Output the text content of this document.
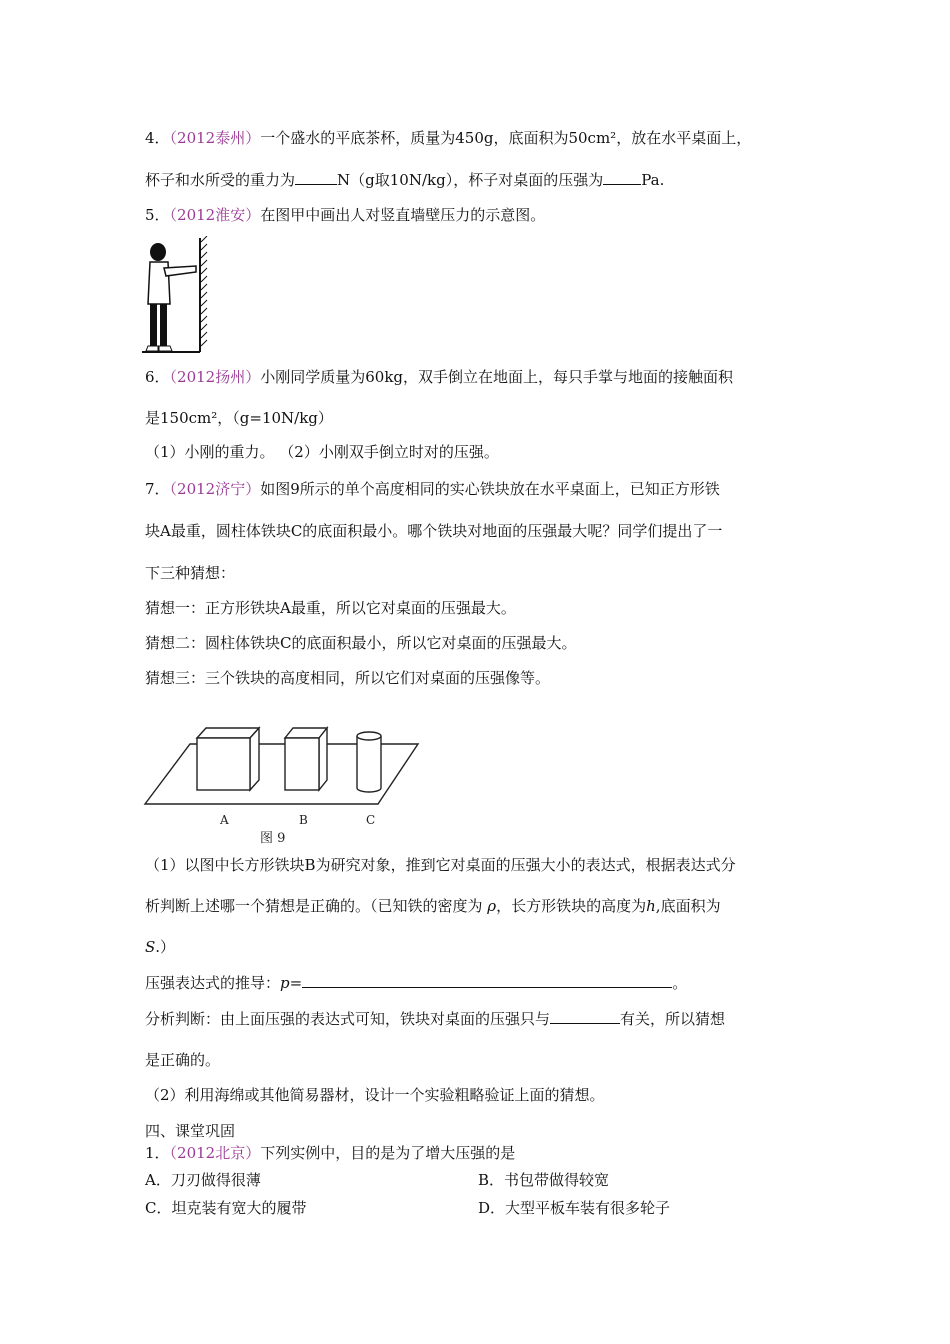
4．（2012泰州）一个盛水的平底茶杯，质量为450g，底面积为50cm²，放在水平桌面上，
杯子和水所受的重力为	N（g取10N/kg），杯子对桌面的压强为	Pa.
5．（2012淮安）在图甲中画出人对竖直墙壁压力的示意图。
6．（2012扬州）小刚同学质量为60kg，双手倒立在地面上，每只手掌与地面的接触面积
是150cm²，（g=10N/kg）
（1）小刚的重力。 （2）小刚双手倒立时对的压强。
7．（2012济宁）如图9所示的单个高度相同的实心铁块放在水平桌面上，已知正方形铁
块A最重，圆柱体铁块C的底面积最小。哪个铁块对地面的压强最大呢？同学们提出了一
下三种猜想：
猜想一：正方形铁块A最重，所以它对桌面的压强最大。
猜想二：圆柱体铁块C的底面积最小，所以它对桌面的压强最大。
猜想三：三个铁块的高度相同，所以它们对桌面的压强像等。
A	B	C
图 9
（1）以图中长方形铁块B为研究对象，推到它对桌面的压强大小的表达式，根据表达式分
析判断上述哪一个猜想是正确的。（已知铁的密度为 ρ，长方形铁块的高度为h,底面积为
S.）
压强表达式的推导：p=	。
分析判断：由上面压强的表达式可知，铁块对桌面的压强只与	有关，所以猜想
是正确的。
（2）利用海绵或其他简易器材，设计一个实验粗略验证上面的猜想。
四、课堂巩固
1．（2012北京）下列实例中，目的是为了增大压强的是
A．刀刃做得很薄	B．书包带做得较宽
C．坦克装有宽大的履带	D．大型平板车装有很多轮子
